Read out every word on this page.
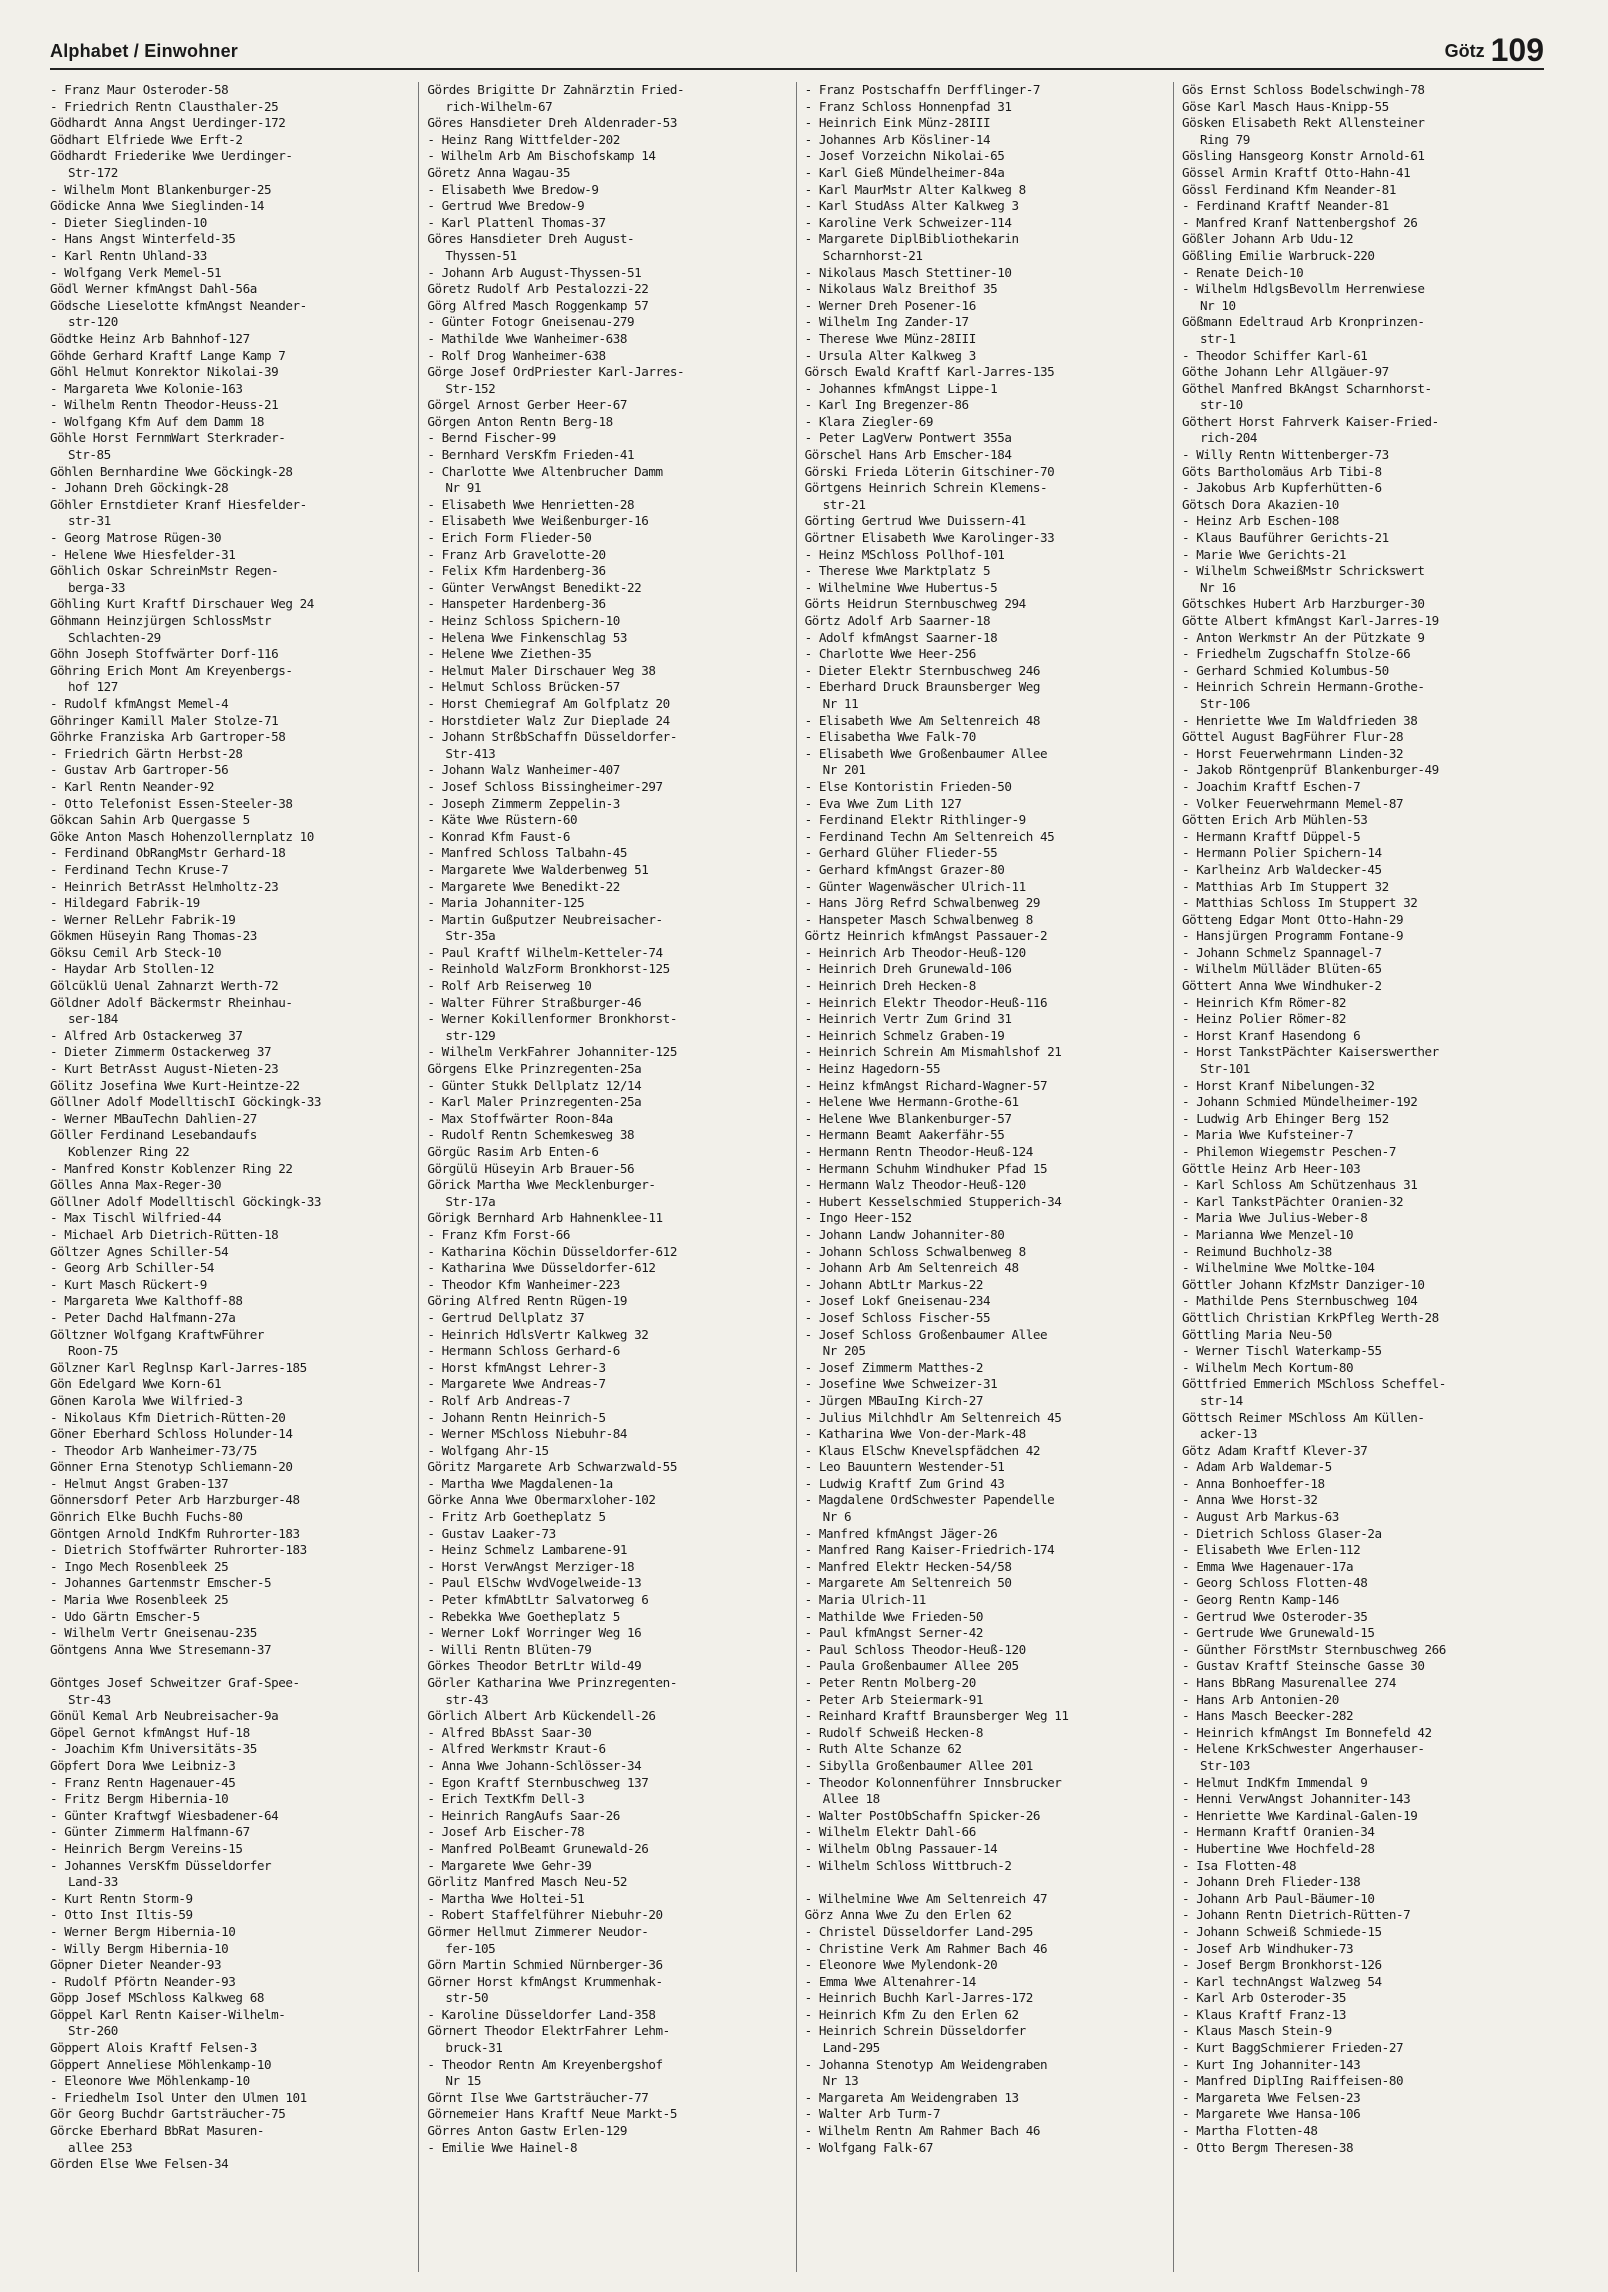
Alphabet / Einwohner	Götz 109
- Franz Maur Osteroder-58
- Friedrich Rentn Clausthaler-25
Gödhardt Anna Angst Uerdinger-172
Gödhart Elfriede Wwe Erft-2
Gödhardt Friederike Wwe Uerdinger-
Str-172
- Wilhelm Mont Blankenburger-25
Gödicke Anna Wwe Sieglinden-14
- Dieter Sieglinden-10
- Hans Angst Winterfeld-35
- Karl Rentn Uhland-33
- Wolfgang Verk Memel-51
Gödl Werner kfmAngst Dahl-56a
Gödsche Lieselotte kfmAngst Neander-
str-120
Gödtke Heinz Arb Bahnhof-127
Göhde Gerhard Kraftf Lange Kamp 7
Göhl Helmut Konrektor Nikolai-39
- Margareta Wwe Kolonie-163
- Wilhelm Rentn Theodor-Heuss-21
- Wolfgang Kfm Auf dem Damm 18
Göhle Horst FernmWart Sterkrader-
Str-85
Göhlen Bernhardine Wwe Göckingk-28
- Johann Dreh Göckingk-28
Göhler Ernstdieter Kranf Hiesfelder-
str-31
- Georg Matrose Rügen-30
- Helene Wwe Hiesfelder-31
Göhlich Oskar SchreinMstr Regen-
berga-33
Göhling Kurt Kraftf Dirschauer Weg 24
Göhmann Heinzjürgen SchlossMstr
Schlachten-29
Göhn Joseph Stoffwärter Dorf-116
Göhring Erich Mont Am Kreyenbergs-
hof 127
- Rudolf kfmAngst Memel-4
Göhringer Kamill Maler Stolze-71
Göhrke Franziska Arb Gartroper-58
- Friedrich Gärtn Herbst-28
- Gustav Arb Gartroper-56
- Karl Rentn Neander-92
- Otto Telefonist Essen-Steeler-38
Gökcan Sahin Arb Quergasse 5
Göke Anton Masch Hohenzollernplatz 10
- Ferdinand ObRangMstr Gerhard-18
- Ferdinand Techn Kruse-7
- Heinrich BetrAsst Helmholtz-23
- Hildegard Fabrik-19
- Werner RelLehr Fabrik-19
Gökmen Hüseyin Rang Thomas-23
Göksu Cemil Arb Steck-10
- Haydar Arb Stollen-12
Gölcüklü Uenal Zahnarzt Werth-72
Göldner Adolf Bäckermstr Rheinhau-
ser-184
- Alfred Arb Ostackerweg 37
- Dieter Zimmerm Ostackerweg 37
- Kurt BetrAsst August-Nieten-23
Gölitz Josefina Wwe Kurt-Heintze-22
Göllner Adolf ModelltischI Göckingk-33
- Werner MBauTechn Dahlien-27
Göller Ferdinand Lesebandaufs
Koblenzer Ring 22
- Manfred Konstr Koblenzer Ring 22
Gölles Anna Max-Reger-30
Göllner Adolf Modelltischl Göckingk-33
- Max Tischl Wilfried-44
- Michael Arb Dietrich-Rütten-18
Göltzer Agnes Schiller-54
- Georg Arb Schiller-54
- Kurt Masch Rückert-9
- Margareta Wwe Kalthoff-88
- Peter Dachd Halfmann-27a
Göltzner Wolfgang KraftwFührer
Roon-75
Gölzner Karl Reglnsp Karl-Jarres-185
Gön Edelgard Wwe Korn-61
Gönen Karola Wwe Wilfried-3
- Nikolaus Kfm Dietrich-Rütten-20
Göner Eberhard Schloss Holunder-14
- Theodor Arb Wanheimer-73/75
Gönner Erna Stenotyp Schliemann-20
- Helmut Angst Graben-137
Gönnersdorf Peter Arb Harzburger-48
Gönrich Elke Buchh Fuchs-80
Göntgen Arnold IndKfm Ruhrorter-183
- Dietrich Stoffwärter Ruhrorter-183
- Ingo Mech Rosenbleek 25
- Johannes Gartenmstr Emscher-5
- Maria Wwe Rosenbleek 25
- Udo Gärtn Emscher-5
- Wilhelm Vertr Gneisenau-235
Göntgens Anna Wwe Stresemann-37

Göntges Josef Schweitzer Graf-Spee-
Str-43
Gönül Kemal Arb Neubreisacher-9a
Göpel Gernot kfmAngst Huf-18
- Joachim Kfm Universitäts-35
Göpfert Dora Wwe Leibniz-3
- Franz Rentn Hagenauer-45
- Fritz Bergm Hibernia-10
- Günter Kraftwgf Wiesbadener-64
- Günter Zimmerm Halfmann-67
- Heinrich Bergm Vereins-15
- Johannes VersKfm Düsseldorfer
Land-33
- Kurt Rentn Storm-9
- Otto Inst Iltis-59
- Werner Bergm Hibernia-10
- Willy Bergm Hibernia-10
Göpner Dieter Neander-93
- Rudolf Pförtn Neander-93
Göpp Josef MSchloss Kalkweg 68
Göppel Karl Rentn Kaiser-Wilhelm-
Str-260
Göppert Alois Kraftf Felsen-3
Göppert Anneliese Möhlenkamp-10
- Eleonore Wwe Möhlenkamp-10
- Friedhelm Isol Unter den Ulmen 101
Gör Georg Buchdr Gartsträucher-75
Görcke Eberhard BbRat Masuren-
allee 253
Görden Else Wwe Felsen-34
Gördes Brigitte Dr Zahnärztin Fried-
rich-Wilhelm-67
Göres Hansdieter Dreh Aldenrader-53
- Heinz Rang Wittfelder-202
- Wilhelm Arb Am Bischofskamp 14
Göretz Anna Wagau-35
- Elisabeth Wwe Bredow-9
- Gertrud Wwe Bredow-9
- Karl Plattenl Thomas-37
Göres Hansdieter Dreh August-
Thyssen-51
- Johann Arb August-Thyssen-51
Göretz Rudolf Arb Pestalozzi-22
Görg Alfred Masch Roggenkamp 57
- Günter Fotogr Gneisenau-279
- Mathilde Wwe Wanheimer-638
- Rolf Drog Wanheimer-638
Görge Josef OrdPriester Karl-Jarres-
Str-152
Görgel Arnost Gerber Heer-67
Görgen Anton Rentn Berg-18
- Bernd Fischer-99
- Bernhard VersKfm Frieden-41
- Charlotte Wwe Altenbrucher Damm
Nr 91
- Elisabeth Wwe Henrietten-28
- Elisabeth Wwe Weißenburger-16
- Erich Form Flieder-50
- Franz Arb Gravelotte-20
- Felix Kfm Hardenberg-36
- Günter VerwAngst Benedikt-22
- Hanspeter Hardenberg-36
- Heinz Schloss Spichern-10
- Helena Wwe Finkenschlag 53
- Helene Wwe Ziethen-35
- Helmut Maler Dirschauer Weg 38
- Helmut Schloss Brücken-57
- Horst Chemiegraf Am Golfplatz 20
- Horstdieter Walz Zur Dieplade 24
- Johann StrßbSchaffn Düsseldorfer-
Str-413
- Johann Walz Wanheimer-407
- Josef Schloss Bissingheimer-297
- Joseph Zimmerm Zeppelin-3
- Käte Wwe Rüstern-60
- Konrad Kfm Faust-6
- Manfred Schloss Talbahn-45
- Margarete Wwe Walderbenweg 51
- Margarete Wwe Benedikt-22
- Maria Johanniter-125
- Martin Gußputzer Neubreisacher-
Str-35a
- Paul Kraftf Wilhelm-Ketteler-74
- Reinhold WalzForm Bronkhorst-125
- Rolf Arb Reiserweg 10
- Walter Führer Straßburger-46
- Werner Kokillenformer Bronkhorst-
str-129
- Wilhelm VerkFahrer Johanniter-125
Görgens Elke Prinzregenten-25a
- Günter Stukk Dellplatz 12/14
- Karl Maler Prinzregenten-25a
- Max Stoffwärter Roon-84a
- Rudolf Rentn Schemkesweg 38
Görgüc Rasim Arb Enten-6
Görgülü Hüseyin Arb Brauer-56
Görick Martha Wwe Mecklenburger-
Str-17a
Görigk Bernhard Arb Hahnenklee-11
- Franz Kfm Forst-66
- Katharina Köchin Düsseldorfer-612
- Katharina Wwe Düsseldorfer-612
- Theodor Kfm Wanheimer-223
Göring Alfred Rentn Rügen-19
- Gertrud Dellplatz 37
- Heinrich HdlsVertr Kalkweg 32
- Hermann Schloss Gerhard-6
- Horst kfmAngst Lehrer-3
- Margarete Wwe Andreas-7
- Rolf Arb Andreas-7
- Johann Rentn Heinrich-5
- Werner MSchloss Niebuhr-84
- Wolfgang Ahr-15
Göritz Margarete Arb Schwarzwald-55
- Martha Wwe Magdalenen-1a
Görke Anna Wwe Obermarxloher-102
- Fritz Arb Goetheplatz 5
- Gustav Laaker-73
- Heinz Schmelz Lambarene-91
- Horst VerwAngst Merziger-18
- Paul ElSchw WvdVogelweide-13
- Peter kfmAbtLtr Salvatorweg 6
- Rebekka Wwe Goetheplatz 5
- Werner Lokf Worringer Weg 16
- Willi Rentn Blüten-79
Görkes Theodor BetrLtr Wild-49
Görler Katharina Wwe Prinzregenten-
str-43
Görlich Albert Arb Kückendell-26
- Alfred BbAsst Saar-30
- Alfred Werkmstr Kraut-6
- Anna Wwe Johann-Schlösser-34
- Egon Kraftf Sternbuschweg 137
- Erich TextKfm Dell-3
- Heinrich RangAufs Saar-26
- Josef Arb Eischer-78
- Manfred PolBeamt Grunewald-26
- Margarete Wwe Gehr-39
Görlitz Manfred Masch Neu-52
- Martha Wwe Holtei-51
- Robert Staffelführer Niebuhr-20
Görmer Hellmut Zimmerer Neudor-
fer-105
Görn Martin Schmied Nürnberger-36
Görner Horst kfmAngst Krummenhak-
str-50
- Karoline Düsseldorfer Land-358
Görnert Theodor ElektrFahrer Lehm-
bruck-31
- Theodor Rentn Am Kreyenbergshof
Nr 15
Görnt Ilse Wwe Gartsträucher-77
Görnemeier Hans Kraftf Neue Markt-5
Görres Anton Gastw Erlen-129
- Emilie Wwe Hainel-8
- Franz Postschaffn Derfflinger-7
- Franz Schloss Honnenpfad 31
- Heinrich Eink Münz-28III
- Johannes Arb Kösliner-14
- Josef Vorzeichn Nikolai-65
- Karl Gieß Mündelheimer-84a
- Karl MaurMstr Alter Kalkweg 8
- Karl StudAss Alter Kalkweg 3
- Karoline Verk Schweizer-114
- Margarete DiplBibliothekarin
Scharnhorst-21
- Nikolaus Masch Stettiner-10
- Nikolaus Walz Breithof 35
- Werner Dreh Posener-16
- Wilhelm Ing Zander-17
- Therese Wwe Münz-28III
- Ursula Alter Kalkweg 3
Görsch Ewald Kraftf Karl-Jarres-135
- Johannes kfmAngst Lippe-1
- Karl Ing Bregenzer-86
- Klara Ziegler-69
- Peter LagVerw Pontwert 355a
Görschel Hans Arb Emscher-184
Görski Frieda Löterin Gitschiner-70
Görtgens Heinrich Schrein Klemens-
str-21
Görting Gertrud Wwe Duissern-41
Görtner Elisabeth Wwe Karolinger-33
- Heinz MSchloss Pollhof-101
- Therese Wwe Marktplatz 5
- Wilhelmine Wwe Hubertus-5
Görts Heidrun Sternbuschweg 294
Görtz Adolf Arb Saarner-18
- Adolf kfmAngst Saarner-18
- Charlotte Wwe Heer-256
- Dieter Elektr Sternbuschweg 246
- Eberhard Druck Braunsberger Weg
Nr 11
- Elisabeth Wwe Am Seltenreich 48
- Elisabetha Wwe Falk-70
- Elisabeth Wwe Großenbaumer Allee
Nr 201
- Else Kontoristin Frieden-50
- Eva Wwe Zum Lith 127
- Ferdinand Elektr Rithlinger-9
- Ferdinand Techn Am Seltenreich 45
- Gerhard Glüher Flieder-55
- Gerhard kfmAngst Grazer-80
- Günter Wagenwäscher Ulrich-11
- Hans Jörg Refrd Schwalbenweg 29
- Hanspeter Masch Schwalbenweg 8
Görtz Heinrich kfmAngst Passauer-2
- Heinrich Arb Theodor-Heuß-120
- Heinrich Dreh Grunewald-106
- Heinrich Dreh Hecken-8
- Heinrich Elektr Theodor-Heuß-116
- Heinrich Vertr Zum Grind 31
- Heinrich Schmelz Graben-19
- Heinrich Schrein Am Mismahlshof 21
- Heinz Hagedorn-55
- Heinz kfmAngst Richard-Wagner-57
- Helene Wwe Hermann-Grothe-61
- Helene Wwe Blankenburger-57
- Hermann Beamt Aakerfähr-55
- Hermann Rentn Theodor-Heuß-124
- Hermann Schuhm Windhuker Pfad 15
- Hermann Walz Theodor-Heuß-120
- Hubert Kesselschmied Stupperich-34
- Ingo Heer-152
- Johann Landw Johanniter-80
- Johann Schloss Schwalbenweg 8
- Johann Arb Am Seltenreich 48
- Johann AbtLtr Markus-22
- Josef Lokf Gneisenau-234
- Josef Schloss Fischer-55
- Josef Schloss Großenbaumer Allee
Nr 205
- Josef Zimmerm Matthes-2
- Josefine Wwe Schweizer-31
- Jürgen MBauIng Kirch-27
- Julius Milchhdlr Am Seltenreich 45
- Katharina Wwe Von-der-Mark-48
- Klaus ElSchw Knevelspfädchen 42
- Leo Bauuntern Westender-51
- Ludwig Kraftf Zum Grind 43
- Magdalene OrdSchwester Papendelle
Nr 6
- Manfred kfmAngst Jäger-26
- Manfred Rang Kaiser-Friedrich-174
- Manfred Elektr Hecken-54/58
- Margarete Am Seltenreich 50
- Maria Ulrich-11
- Mathilde Wwe Frieden-50
- Paul kfmAngst Serner-42
- Paul Schloss Theodor-Heuß-120
- Paula Großenbaumer Allee 205
- Peter Rentn Molberg-20
- Peter Arb Steiermark-91
- Reinhard Kraftf Braunsberger Weg 11
- Rudolf Schweiß Hecken-8
- Ruth Alte Schanze 62
- Sibylla Großenbaumer Allee 201
- Theodor Kolonnenführer Innsbrucker
Allee 18
- Walter PostObSchaffn Spicker-26
- Wilhelm Elektr Dahl-66
- Wilhelm Oblng Passauer-14
- Wilhelm Schloss Wittbruch-2

- Wilhelmine Wwe Am Seltenreich 47
Görz Anna Wwe Zu den Erlen 62
- Christel Düsseldorfer Land-295
- Christine Verk Am Rahmer Bach 46
- Eleonore Wwe Mylendonk-20
- Emma Wwe Altenahrer-14
- Heinrich Buchh Karl-Jarres-172
- Heinrich Kfm Zu den Erlen 62
- Heinrich Schrein Düsseldorfer
Land-295
- Johanna Stenotyp Am Weidengraben
Nr 13
- Margareta Am Weidengraben 13
- Walter Arb Turm-7
- Wilhelm Rentn Am Rahmer Bach 46
- Wolfgang Falk-67
Gös Ernst Schloss Bodelschwingh-78
Göse Karl Masch Haus-Knipp-55
Gösken Elisabeth Rekt Allensteiner
Ring 79
Gösling Hansgeorg Konstr Arnold-61
Gössel Armin Kraftf Otto-Hahn-41
Gössl Ferdinand Kfm Neander-81
- Ferdinand Kraftf Neander-81
- Manfred Kranf Nattenbergshof 26
Gößler Johann Arb Udu-12
Gößling Emilie Warbruck-220
- Renate Deich-10
- Wilhelm HdlgsBevollm Herrenwiese
Nr 10
Gößmann Edeltraud Arb Kronprinzen-
str-1
- Theodor Schiffer Karl-61
Göthe Johann Lehr Allgäuer-97
Göthel Manfred BkAngst Scharnhorst-
str-10
Göthert Horst Fahrverk Kaiser-Fried-
rich-204
- Willy Rentn Wittenberger-73
Göts Bartholomäus Arb Tibi-8
- Jakobus Arb Kupferhütten-6
Götsch Dora Akazien-10
- Heinz Arb Eschen-108
- Klaus Bauführer Gerichts-21
- Marie Wwe Gerichts-21
- Wilhelm SchweißMstr Schrickswert
Nr 16
Götschkes Hubert Arb Harzburger-30
Götte Albert kfmAngst Karl-Jarres-19
- Anton Werkmstr An der Pützkate 9
- Friedhelm Zugschaffn Stolze-66
- Gerhard Schmied Kolumbus-50
- Heinrich Schrein Hermann-Grothe-
Str-106
- Henriette Wwe Im Waldfrieden 38
Göttel August BagFührer Flur-28
- Horst Feuerwehrmann Linden-32
- Jakob Röntgenprüf Blankenburger-49
- Joachim Kraftf Eschen-7
- Volker Feuerwehrmann Memel-87
Götten Erich Arb Mühlen-53
- Hermann Kraftf Düppel-5
- Hermann Polier Spichern-14
- Karlheinz Arb Waldecker-45
- Matthias Arb Im Stuppert 32
- Matthias Schloss Im Stuppert 32
Götteng Edgar Mont Otto-Hahn-29
- Hansjürgen Programm Fontane-9
- Johann Schmelz Spannagel-7
- Wilhelm Mülläder Blüten-65
Göttert Anna Wwe Windhuker-2
- Heinrich Kfm Römer-82
- Heinz Polier Römer-82
- Horst Kranf Hasendong 6
- Horst TankstPächter Kaiserswerther
Str-101
- Horst Kranf Nibelungen-32
- Johann Schmied Mündelheimer-192
- Ludwig Arb Ehinger Berg 152
- Maria Wwe Kufsteiner-7
- Philemon Wiegemstr Peschen-7
Göttle Heinz Arb Heer-103
- Karl Schloss Am Schützenhaus 31
- Karl TankstPächter Oranien-32
- Maria Wwe Julius-Weber-8
- Marianna Wwe Menzel-10
- Reimund Buchholz-38
- Wilhelmine Wwe Moltke-104
Göttler Johann KfzMstr Danziger-10
- Mathilde Pens Sternbuschweg 104
Göttlich Christian KrkPfleg Werth-28
Göttling Maria Neu-50
- Werner Tischl Waterkamp-55
- Wilhelm Mech Kortum-80
Göttfried Emmerich MSchloss Scheffel-
str-14
Göttsch Reimer MSchloss Am Küllen-
acker-13
Götz Adam Kraftf Klever-37
- Adam Arb Waldemar-5
- Anna Bonhoeffer-18
- Anna Wwe Horst-32
- August Arb Markus-63
- Dietrich Schloss Glaser-2a
- Elisabeth Wwe Erlen-112
- Emma Wwe Hagenauer-17a
- Georg Schloss Flotten-48
- Georg Rentn Kamp-146
- Gertrud Wwe Osteroder-35
- Gertrude Wwe Grunewald-15
- Günther FörstMstr Sternbuschweg 266
- Gustav Kraftf Steinsche Gasse 30
- Hans BbRang Masurenallee 274
- Hans Arb Antonien-20
- Hans Masch Beecker-282
- Heinrich kfmAngst Im Bonnefeld 42
- Helene KrkSchwester Angerhauser-
Str-103
- Helmut IndKfm Immendal 9
- Henni VerwAngst Johanniter-143
- Henriette Wwe Kardinal-Galen-19
- Hermann Kraftf Oranien-34
- Hubertine Wwe Hochfeld-28
- Isa Flotten-48
- Johann Dreh Flieder-138
- Johann Arb Paul-Bäumer-10
- Johann Rentn Dietrich-Rütten-7
- Johann Schweiß Schmiede-15
- Josef Arb Windhuker-73
- Josef Bergm Bronkhorst-126
- Karl technAngst Walzweg 54
- Karl Arb Osteroder-35
- Klaus Kraftf Franz-13
- Klaus Masch Stein-9
- Kurt BaggSchmierer Frieden-27
- Kurt Ing Johanniter-143
- Manfred DiplIng Raiffeisen-80
- Margareta Wwe Felsen-23
- Margarete Wwe Hansa-106
- Martha Flotten-48
- Otto Bergm Theresen-38
